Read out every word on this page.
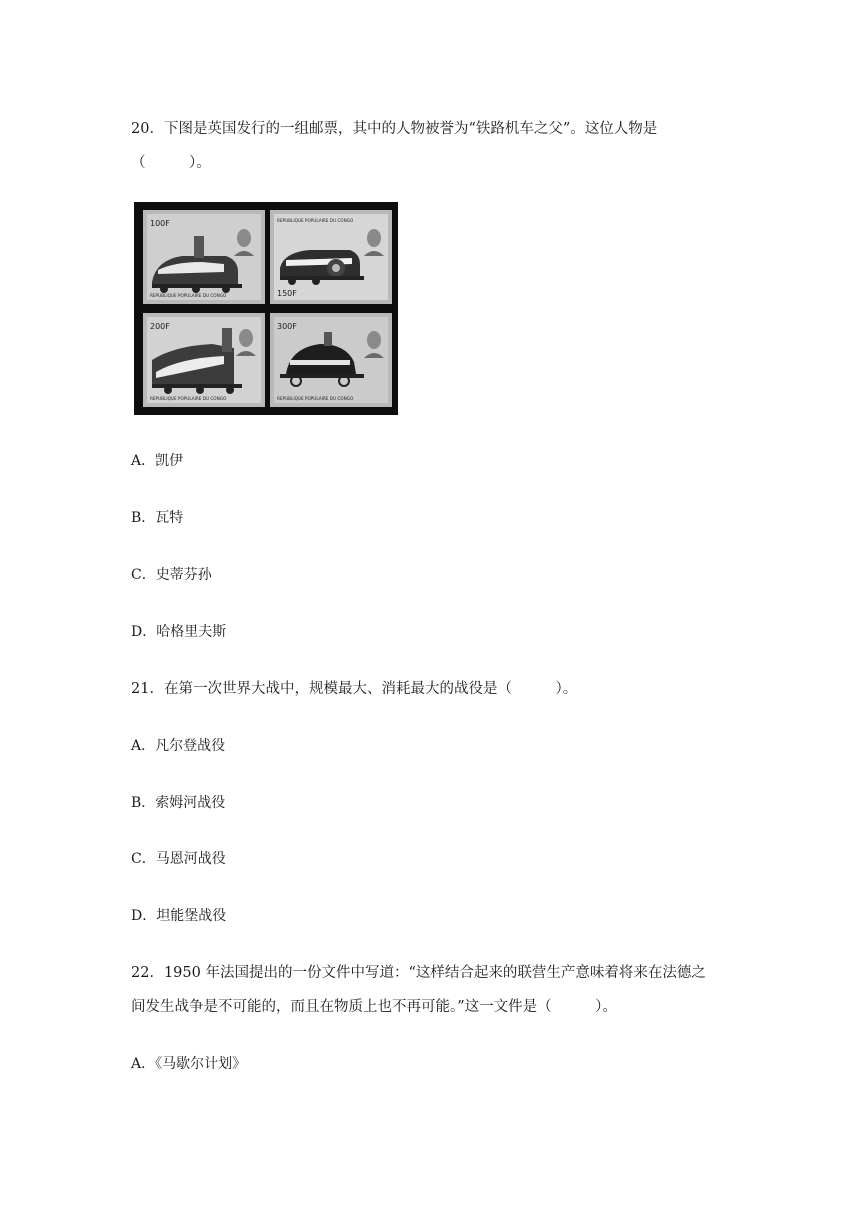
20．下图是英国发行的一组邮票，其中的人物被誉为“铁路机车之父”。这位人物是
（　　　）。
100F
REPUBLIQUE POPULAIRE DU CONGO
REPUBLIQUE POPULAIRE DU CONGO
150F
200F
REPUBLIQUE POPULAIRE DU CONGO
300F
REPUBLIQUE POPULAIRE DU CONGO
A．凯伊
B．瓦特
C．史蒂芬孙
D．哈格里夫斯
21．在第一次世界大战中，规模最大、消耗最大的战役是（　　　）。
A．凡尔登战役
B．索姆河战役
C．马恩河战役
D．坦能堡战役
22．1950 年法国提出的一份文件中写道：“这样结合起来的联营生产意味着将来在法德之
间发生战争是不可能的，而且在物质上也不再可能。”这一文件是（　　　）。
A．《马歇尔计划》
